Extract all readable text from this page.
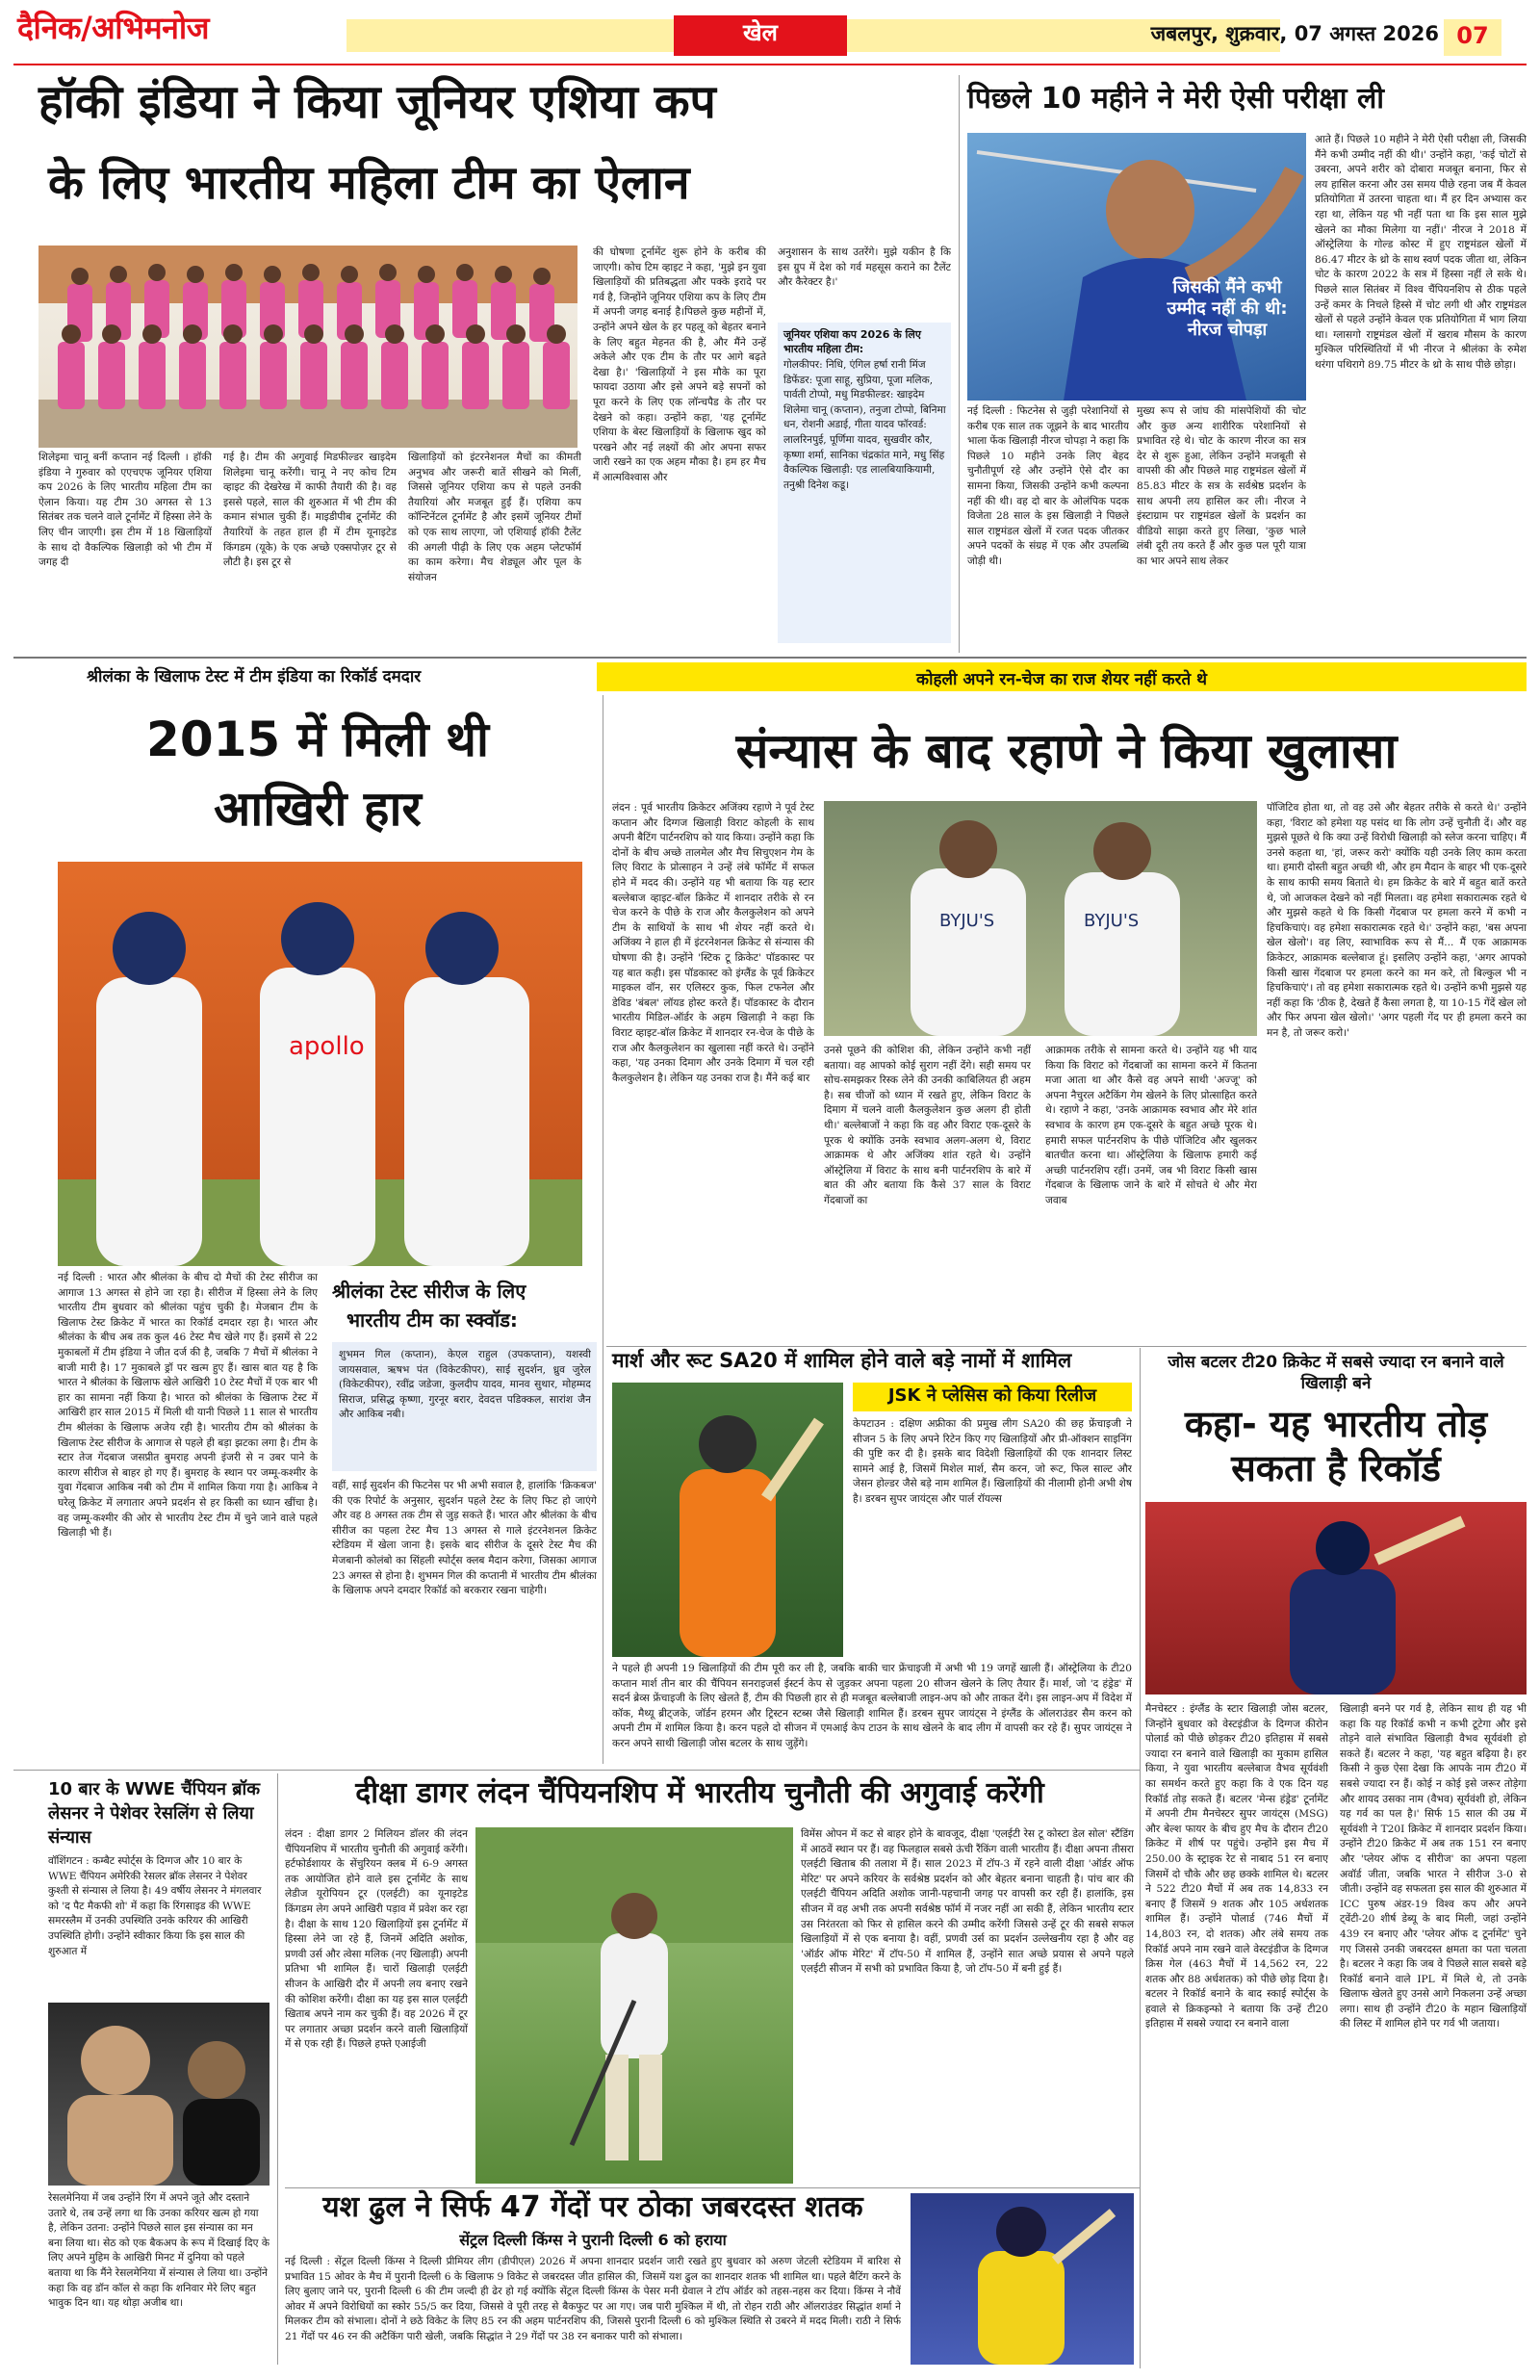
दैनिक/अभिमनोज	खेल	जबलपुर, शुक्रवार, 07 अगस्त 2026 07
हॉकी इंडिया ने किया जूनियर एशिया कप
के लिए भारतीय महिला टीम का ऐलान
शिलेइमा चानू बनीं कप्तान नई दिल्ली । हॉकी इंडिया ने गुरुवार को एएचएफ जूनियर एशिया कप 2026 के लिए भारतीय महिला टीम का ऐलान किया। यह टीम 30 अगस्त से 13 सितंबर तक चलने वाले टूर्नामेंट में हिस्सा लेने के लिए चीन जाएगी। इस टीम में 18 खिलाड़ियों के साथ दो वैकल्पिक खिलाड़ी को भी टीम में जगह दी
गई है। टीम की अगुवाई मिडफील्डर खाइदेम शिलेइमा चानू करेंगी। चानू ने नए कोच टिम व्हाइट की देखरेख में काफी तैयारी की है। वह इससे पहले, साल की शुरुआत में भी टीम की कमान संभाल चुकी हैं। माइडीपीब टूर्नामेंट की तैयारियों के तहत हाल ही में टीम यूनाइटेड किंगडम (यूके) के एक अच्छे एक्सपोज़र टूर से लौटी है। इस टूर से
खिलाड़ियों को इंटरनेशनल मैचों का कीमती अनुभव और जरूरी बातें सीखने को मिलीं, जिससे जूनियर एशिया कप से पहले उनकी तैयारियां और मजबूत हुईं हैं। एशिया कप कॉन्टिनेंटल टूर्नामेंट है और इसमें जूनियर टीमों को एक साथ लाएगा, जो एशियाई हॉकी टैलेंट की अगली पीढ़ी के लिए एक अहम प्लेटफॉर्म का काम करेगा। मैच शेड्यूल और पूल के संयोजन
की घोषणा टूर्नामेंट शुरू होने के करीब की जाएगी। कोच टिम व्हाइट ने कहा, 'मुझे इन युवा खिलाड़ियों की प्रतिबद्धता और पक्के इरादे पर गर्व है, जिन्होंने जूनियर एशिया कप के लिए टीम में अपनी जगह बनाई है।पिछले कुछ महीनों में, उन्होंने अपने खेल के हर पहलू को बेहतर बनाने के लिए बहुत मेहनत की है, और मैंने उन्हें अकेले और एक टीम के तौर पर आगे बढ़ते देखा है।' 'खिलाड़ियों ने इस मौके का पूरा फायदा उठाया और इसे अपने बड़े सपनों को पूरा करने के लिए एक लॉन्चपैड के तौर पर देखने को कहा। उन्होंने कहा, 'यह टूर्नामेंट एशिया के बेस्ट खिलाड़ियों के खिलाफ खुद को परखने और नई लक्ष्यों की ओर अपना सफर जारी रखने का एक अहम मौका है। हम हर मैच में आत्मविश्वास और
अनुशासन के साथ उतरेंगे। मुझे यकीन है कि इस ग्रुप में देश को गर्व महसूस कराने का टैलेंट और कैरेक्टर है।'
जूनियर एशिया कप 2026 के लिए भारतीय महिला टीम:
गोलकीपर: निधि, एंगिल हर्षा रानी मिंज डिफेंडर: पूजा साहू, सुप्रिया, पूजा मलिक, पार्वती टोप्पो, मधु मिडफील्डर: खाइदेम शिलेमा चानू (कप्तान), तनुजा टोप्पो, बिनिमा धन, रोशनी अडाई, गीता यादव फॉरवर्ड: लालरिनपुई, पूर्णिमा यादव, सुखवीर कौर, कृष्णा शर्मा, सानिका चंद्रकांत माने, मधु सिंह वैकल्पिक खिलाड़ी: एड लालबियाकियामी, तनुश्री दिनेश कडू।
पिछले 10 महीने ने मेरी ऐसी परीक्षा ली
जिसकी मैंने कभी उम्मीद नहीं की थी: नीरज चोपड़ा
नई दिल्ली : फिटनेस से जुड़ी परेशानियों से करीब एक साल तक जूझने के बाद भारतीय भाला फेंक खिलाड़ी नीरज चोपड़ा ने कहा कि पिछले 10 महीने उनके लिए बेहद चुनौतीपूर्ण रहे और उन्होंने ऐसे दौर का सामना किया, जिसकी उन्होंने कभी कल्पना नहीं की थी। वह दो बार के ओलंपिक पदक विजेता 28 साल के इस खिलाड़ी ने पिछले साल राष्ट्रमंडल खेलों में रजत पदक जीतकर अपने पदकों के संग्रह में एक और उपलब्धि जोड़ी थी।
मुख्य रूप से जांघ की मांसपेशियों की चोट और कुछ अन्य शारीरिक परेशानियों से प्रभावित रहे थे। चोट के कारण नीरज का सत्र देर से शुरू हुआ, लेकिन उन्होंने मजबूती से वापसी की और पिछले माह राष्ट्रमंडल खेलों में 85.83 मीटर के सत्र के सर्वश्रेष्ठ प्रदर्शन के साथ अपनी लय हासिल कर ली। नीरज ने इंस्टाग्राम पर राष्ट्रमंडल खेलों के प्रदर्शन का वीडियो साझा करते हुए लिखा, 'कुछ भाले लंबी दूरी तय करते हैं और कुछ पल पूरी यात्रा का भार अपने साथ लेकर
आते हैं। पिछले 10 महीने ने मेरी ऐसी परीक्षा ली, जिसकी मैंने कभी उम्मीद नहीं की थी।' उन्होंने कहा, 'कई चोटों से उबरना, अपने शरीर को दोबारा मजबूत बनाना, फिर से लय हासिल करना और उस समय पीछे रहना जब मैं केवल प्रतियोगिता में उतरना चाहता था। मैं हर दिन अभ्यास कर रहा था, लेकिन यह भी नहीं पता था कि इस साल मुझे खेलने का मौका मिलेगा या नहीं।' नीरज ने 2018 में ऑस्ट्रेलिया के गोल्ड कोस्ट में हुए राष्ट्रमंडल खेलों में 86.47 मीटर के थ्रो के साथ स्वर्ण पदक जीता था, लेकिन चोट के कारण 2022 के सत्र में हिस्सा नहीं ले सके थे। पिछले साल सितंबर में विश्व चैंपियनशिप से ठीक पहले उन्हें कमर के निचले हिस्से में चोट लगी थी और राष्ट्रमंडल खेलों से पहले उन्होंने केवल एक प्रतियोगिता में भाग लिया था। ग्लासगो राष्ट्रमंडल खेलों में खराब मौसम के कारण मुश्किल परिस्थितियों में भी नीरज ने श्रीलंका के रुमेश थरंगा पथिरागे 89.75 मीटर के थ्रो के साथ पीछे छोड़ा।
श्रीलंका के खिलाफ टेस्ट में टीम इंडिया का रिकॉर्ड दमदार	कोहली अपने रन-चेज का राज शेयर नहीं करते थे
2015 में मिली थी
आखिरी हार
apollo
नई दिल्ली : भारत और श्रीलंका के बीच दो मैचों की टेस्ट सीरीज का आगाज 13 अगस्त से होने जा रहा है। सीरीज में हिस्सा लेने के लिए भारतीय टीम बुधवार को श्रीलंका पहुंच चुकी है। मेजबान टीम के खिलाफ टेस्ट क्रिकेट में भारत का रिकॉर्ड दमदार रहा है। भारत और श्रीलंका के बीच अब तक कुल 46 टेस्ट मैच खेले गए हैं। इसमें से 22 मुकाबलों में टीम इंडिया ने जीत दर्ज की है, जबकि 7 मैचों में श्रीलंका ने बाजी मारी है। 17 मुकाबले ड्रॉ पर खत्म हुए हैं। खास बात यह है कि भारत ने श्रीलंका के खिलाफ खेले आखिरी 10 टेस्ट मैचों में एक बार भी हार का सामना नहीं किया है। भारत को श्रीलंका के खिलाफ टेस्ट में आखिरी हार साल 2015 में मिली थी यानी पिछले 11 साल से भारतीय टीम श्रीलंका के खिलाफ अजेय रही है। भारतीय टीम को श्रीलंका के खिलाफ टेस्ट सीरीज के आगाज से पहले ही बड़ा झटका लगा है। टीम के स्टार तेज गेंदबाज जसप्रीत बुमराह अपनी इंजरी से न उबर पाने के कारण सीरीज से बाहर हो गए हैं। बुमराह के स्थान पर जम्मू-कश्मीर के युवा गेंदबाज आकिब नबी को टीम में शामिल किया गया है। आकिब ने घरेलू क्रिकेट में लगातार अपने प्रदर्शन से हर किसी का ध्यान खींचा है। वह जम्मू-कश्मीर की ओर से भारतीय टेस्ट टीम में चुने जाने वाले पहले खिलाड़ी भी हैं।
श्रीलंका टेस्ट सीरीज के लिए
भारतीय टीम का स्क्वॉड:
शुभमन गिल (कप्तान), केएल राहुल (उपकप्तान), यशस्वी जायसवाल, ऋषभ पंत (विकेटकीपर), साई सुदर्शन, ध्रुव जुरेल (विकेटकीपर), रवींद्र जडेजा, कुलदीप यादव, मानव सुथार, मोहम्मद सिराज, प्रसिद्ध कृष्णा, गुरनूर बरार, देवदत्त पडिक्कल, सारांश जैन और आकिब नबी।
वहीं, साई सुदर्शन की फिटनेस पर भी अभी सवाल है, हालांकि 'क्रिकबज' की एक रिपोर्ट के अनुसार, सुदर्शन पहले टेस्ट के लिए फिट हो जाएंगे और वह 8 अगस्त तक टीम से जुड़ सकते हैं। भारत और श्रीलंका के बीच सीरीज का पहला टेस्ट मैच 13 अगस्त से गाले इंटरनेशनल क्रिकेट स्टेडियम में खेला जाना है। इसके बाद सीरीज के दूसरे टेस्ट मैच की मेजबानी कोलंबो का सिंहली स्पोर्ट्स क्लब मैदान करेगा, जिसका आगाज 23 अगस्त से होना है। शुभमन गिल की कप्तानी में भारतीय टीम श्रीलंका के खिलाफ अपने दमदार रिकॉर्ड को बरकरार रखना चाहेगी।
संन्यास के बाद रहाणे ने किया खुलासा
लंदन : पूर्व भारतीय क्रिकेटर अजिंक्य रहाणे ने पूर्व टेस्ट कप्तान और दिग्गज खिलाड़ी विराट कोहली के साथ अपनी बैटिंग पार्टनरशिप को याद किया। उन्होंने कहा कि दोनों के बीच अच्छे तालमेल और मैच सिचुएशन गेम के लिए विराट के प्रोत्साहन ने उन्हें लंबे फॉर्मेट में सफल होने में मदद की। उन्होंने यह भी बताया कि यह स्टार बल्लेबाज व्हाइट-बॉल क्रिकेट में शानदार तरीके से रन चेज करने के पीछे के राज और कैलकुलेशन को अपने टीम के साथियों के साथ भी शेयर नहीं करते थे। अजिंक्य ने हाल ही में इंटरनेशनल क्रिकेट से संन्यास की घोषणा की है। उन्होंने 'स्टिक टू क्रिकेट' पॉडकास्ट पर यह बात कही। इस पॉडकास्ट को इंग्लैंड के पूर्व क्रिकेटर माइकल वॉन, सर एलिस्टर कुक, फिल टफनेल और डेविड 'बंबल' लॉयड होस्ट करते हैं। पॉडकास्ट के दौरान भारतीय मिडिल-ऑर्डर के अहम खिलाड़ी ने कहा कि विराट व्हाइट-बॉल क्रिकेट में शानदार रन-चेज के पीछे के राज और कैलकुलेशन का खुलासा नहीं करते थे। उन्होंने कहा, 'यह उनका दिमाग और उनके दिमाग में चल रही कैलकुलेशन है। लेकिन यह उनका राज है। मैंने कई बार
BYJU'S	BYJU'S
उनसे पूछने की कोशिश की, लेकिन उन्होंने कभी नहीं बताया। वह आपको कोई सुराग नहीं देंगे। सही समय पर सोच-समझकर रिस्क लेने की उनकी काबिलियत ही अहम है। सब चीजों को ध्यान में रखते हुए, लेकिन विराट के दिमाग में चलने वाली कैलकुलेशन कुछ अलग ही होती थी।' बल्लेबाजों ने कहा कि वह और विराट एक-दूसरे के पूरक थे क्योंकि उनके स्वभाव अलग-अलग थे, विराट आक्रामक थे और अजिंक्य शांत रहते थे। उन्होंने ऑस्ट्रेलिया में विराट के साथ बनी पार्टनरशिप के बारे में बात की और बताया कि कैसे 37 साल के विराट गेंदबाजों का
आक्रामक तरीके से सामना करते थे। उन्होंने यह भी याद किया कि विराट को गेंदबाजों का सामना करने में कितना मजा आता था और कैसे वह अपने साथी 'अज्जू' को अपना नैचुरल अटैकिंग गेम खेलने के लिए प्रोत्साहित करते थे। रहाणे ने कहा, 'उनके आक्रामक स्वभाव और मेरे शांत स्वभाव के कारण हम एक-दूसरे के बहुत अच्छे पूरक थे। हमारी सफल पार्टनरशिप के पीछे पॉजिटिव और खुलकर बातचीत करना था। ऑस्ट्रेलिया के खिलाफ हमारी कई अच्छी पार्टनरशिप रहीं। उनमें, जब भी विराट किसी खास गेंदबाज के खिलाफ जाने के बारे में सोचते थे और मेरा जवाब
पॉजिटिव होता था, तो वह उसे और बेहतर तरीके से करते थे।' उन्होंने कहा, 'विराट को हमेशा यह पसंद था कि लोग उन्हें चुनौती दें। और वह मुझसे पूछते थे कि क्या उन्हें विरोधी खिलाड़ी को स्लेज करना चाहिए। मैं उनसे कहता था, 'हां, जरूर करो' क्योंकि यही उनके लिए काम करता था। हमारी दोस्ती बहुत अच्छी थी, और हम मैदान के बाहर भी एक-दूसरे के साथ काफी समय बिताते थे। हम क्रिकेट के बारे में बहुत बातें करते थे, जो आजकल देखने को नहीं मिलता। वह हमेशा सकारात्मक रहते थे और मुझसे कहते थे कि किसी गेंदबाज पर हमला करने में कभी न हिचकिचाएं। वह हमेशा सकारात्मक रहते थे।' उन्होंने कहा, 'बस अपना खेल खेलो'। वह लिए, स्वाभाविक रूप से मैं... मैं एक आक्रामक क्रिकेटर, आक्रामक बल्लेबाज हूं। इसलिए उन्होंने कहा, 'अगर आपको किसी खास गेंदबाज पर हमला करने का मन करे, तो बिल्कुल भी न हिचकिचाएं'। तो वह हमेशा सकारात्मक रहते थे। उन्होंने कभी मुझसे यह नहीं कहा कि 'ठीक है, देखते हैं कैसा लगता है, या 10-15 गेंदें खेल लो और फिर अपना खेल खेलो।' 'अगर पहली गेंद पर ही हमला करने का मन है, तो जरूर करो।'
मार्श और रूट SA20 में शामिल होने वाले बड़े नामों में शामिल
JSK ने प्लेसिस को किया रिलीज
केपटाउन : दक्षिण अफ्रीका की प्रमुख लीग SA20 की छह फ्रेंचाइजी ने सीजन 5 के लिए अपने रिटेन किए गए खिलाड़ियों और प्री-ऑक्शन साइनिंग की पुष्टि कर दी है। इसके बाद विदेशी खिलाड़ियों की एक शानदार लिस्ट सामने आई है, जिसमें मिशेल मार्श, सैम करन, जो रूट, फिल साल्ट और जेसन होल्डर जैसे बड़े नाम शामिल हैं। खिलाड़ियों की नीलामी होनी अभी शेष है। डरबन सुपर जायंट्स और पार्ल रॉयल्स
ने पहले ही अपनी 19 खिलाड़ियों की टीम पूरी कर ली है, जबकि बाकी चार फ्रेंचाइजी में अभी भी 19 जगहें खाली हैं। ऑस्ट्रेलिया के टी20 कप्तान मार्श तीन बार की चैंपियन सनराइजर्स ईस्टर्न केप से जुड़कर अपना पहला 20 सीजन खेलने के लिए तैयार हैं। मार्श, जो 'द हंड्रेड' में सदर्न ब्रेव्स फ्रेंचाइजी के लिए खेलते हैं, टीम की पिछली हार से ही मजबूत बल्लेबाजी लाइन-अप को और ताकत देंगे। इस लाइन-अप में विदेश में कॉक, मैथ्यू ब्रीट्जके, जॉर्डन हरमन और ट्रिस्टन स्टब्स जैसे खिलाड़ी शामिल हैं। डरबन सुपर जायंट्स ने इंग्लैंड के ऑलराउंडर सैम करन को अपनी टीम में शामिल किया है। करन पहले दो सीजन में एमआई केप टाउन के साथ खेलने के बाद लीग में वापसी कर रहे हैं। सुपर जायंट्स ने करन अपने साथी खिलाड़ी जोस बटलर के साथ जुड़ेंगे।
जोस बटलर टी20 क्रिकेट में सबसे ज्यादा रन बनाने वाले खिलाड़ी बने
कहा- यह भारतीय तोड़ सकता है रिकॉर्ड
मैनचेस्टर : इंग्लैंड के स्टार खिलाड़ी जोस बटलर, जिन्होंने बुधवार को वेस्टइंडीज के दिग्गज कीरोन पोलार्ड को पीछे छोड़कर टी20 इतिहास में सबसे ज्यादा रन बनाने वाले खिलाड़ी का मुकाम हासिल किया, ने युवा भारतीय बल्लेबाज वैभव सूर्यवंशी का समर्थन करते हुए कहा कि वे एक दिन यह रिकॉर्ड तोड़ सकते हैं। बटलर 'मेन्स हंड्रेड' टूर्नामेंट में अपनी टीम मैनचेस्टर सुपर जायंट्स (MSG) और बेल्श फायर के बीच हुए मैच के दौरान टी20 क्रिकेट में शीर्ष पर पहुंचे। उन्होंने इस मैच में 250.00 के स्ट्राइक रेट से नाबाद 51 रन बनाए जिसमें दो चौके और छह छक्के शामिल थे। बटलर ने 522 टी20 मैचों में अब तक 14,833 रन बनाए हैं जिसमें 9 शतक और 105 अर्धशतक शामिल हैं। उन्होंने पोलार्ड (746 मैचों में 14,803 रन, दो शतक) और लंबे समय तक रिकॉर्ड अपने नाम रखने वाले वेस्टइंडीज के दिग्गज क्रिस गेल (463 मैचों में 14,562 रन, 22 शतक और 88 अर्धशतक) को पीछे छोड़ दिया है। बटलर ने रिकॉर्ड बनाने के बाद स्काई स्पोर्ट्स के हवाले से क्रिकइन्फो ने बताया कि उन्हें टी20 इतिहास में सबसे ज्यादा रन बनाने वाला
खिलाड़ी बनने पर गर्व है, लेकिन साथ ही यह भी कहा कि यह रिकॉर्ड कभी न कभी टूटेगा और इसे तोड़ने वाले संभावित खिलाड़ी वैभव सूर्यवंशी हो सकते हैं। बटलर ने कहा, 'यह बहुत बढ़िया है। हर किसी ने कुछ ऐसा देखा कि आपके नाम टी20 में सबसे ज्यादा रन हैं। कोई न कोई इसे जरूर तोड़ेगा और शायद उसका नाम (वैभव) सूर्यवंशी हो, लेकिन यह गर्व का पल है।' सिर्फ 15 साल की उम्र में सूर्यवंशी ने T20I क्रिकेट में शानदार प्रदर्शन किया। उन्होंने टी20 क्रिकेट में अब तक 151 रन बनाए और 'प्लेयर ऑफ द सीरीज' का अपना पहला अवॉर्ड जीता, जबकि भारत ने सीरीज 3-0 से जीती। उन्होंने वह सफलता इस साल की शुरुआत में ICC पुरुष अंडर-19 विश्व कप और अपने ट्वेंटी-20 शीर्ष डेब्यू के बाद मिली, जहां उन्होंने 439 रन बनाए और 'प्लेयर ऑफ द टूर्नामेंट' चुने गए जिससे उनकी जबरदस्त क्षमता का पता चलता है। बटलर ने कहा कि जब वे पिछले साल सबसे बड़े रिकॉर्ड बनाने वाले IPL में मिले थे, तो उनके खिलाफ खेलते हुए उनसे आगे निकलना उन्हें अच्छा लगा। साथ ही उन्होंने टी20 के महान खिलाड़ियों की लिस्ट में शामिल होने पर गर्व भी जताया।
10 बार के WWE चैंपियन ब्रॉक लेसनर ने पेशेवर रेसलिंग से लिया संन्यास
वॉशिंगटन : कम्बैट स्पोर्ट्स के दिग्गज और 10 बार के WWE चैंपियन अमेरिकी रेसलर ब्रॉक लेसनर ने पेशेवर कुश्ती से संन्यास ले लिया है। 49 वर्षीय लेसनर ने मंगलवार को 'द पैट मैकफी शो' में कहा कि रिंगसाइड की WWE समरस्लैम में उनकी उपस्थिति उनके करियर की आखिरी उपस्थिति होगी। उन्होंने स्वीकार किया कि इस साल की शुरुआत में
रेसलमेनिया में जब उन्होंने रिंग में अपने जूते और दस्ताने उतारे थे, तब उन्हें लगा था कि उनका करियर खत्म हो गया है, लेकिन उतना: उन्होंने पिछले साल इस संन्यास का मन बना लिया था। सेठ को एक बैकअप के रूप में दिखाई दिए के लिए अपने मुहिम के आखिरी मिनट में दुनिया को पहले बताया था कि मैंने रेसलमेनिया में संन्यास ले लिया था। उन्होंने कहा कि वह डॉन कॉल से कहा कि शनिवार मेरे लिए बहुत भावुक दिन था। यह थोड़ा अजीब था।
दीक्षा डागर लंदन चैंपियनशिप में भारतीय चुनौती की अगुवाई करेंगी
लंदन : दीक्षा डागर 2 मिलियन डॉलर की लंदन चैंपियनशिप में भारतीय चुनौती की अगुवाई करेंगी। हर्टफोर्डशायर के सेंचुरियन क्लब में 6-9 अगस्त तक आयोजित होने वाले इस टूर्नामेंट के साथ लेडीज यूरोपियन टूर (एलईटी) का यूनाइटेड किंगडम लेग अपने आखिरी पड़ाव में प्रवेश कर रहा है। दीक्षा के साथ 120 खिलाड़ियों इस टूर्नामेंट में हिस्सा लेने जा रहे हैं, जिनमें अदिति अशोक, प्रणवी उर्स और त्वेसा मलिक (नए खिलाड़ी) अपनी प्रतिभा भी शामिल हैं। चारों खिलाड़ी एलईटी सीजन के आखिरी दौर में अपनी लय बनाए रखने की कोशिश करेंगी। दीक्षा का यह इस साल एलईटी खिताब अपने नाम कर चुकी हैं। वह 2026 में टूर पर लगातार अच्छा प्रदर्शन करने वाली खिलाड़ियों में से एक रही हैं। पिछले हफ्ते एआईजी
विमेंस ओपन में कट से बाहर होने के बावजूद, दीक्षा 'एलईटी रेस टू कोस्टा डेल सोल' स्टैंडिंग में आठवें स्थान पर हैं। वह फिलहाल सबसे ऊंची रैंकिंग वाली भारतीय हैं। दीक्षा अपना तीसरा एलईटी खिताब की तलाश में हैं। साल 2023 में टॉप-3 में रहने वाली दीक्षा 'ऑर्डर ऑफ मेरिट' पर अपने करियर के सर्वश्रेष्ठ प्रदर्शन को और बेहतर बनाना चाहती है। पांच बार की एलईटी चैंपियन अदिति अशोक जानी-पहचानी जगह पर वापसी कर रही हैं। हालांकि, इस सीजन में वह अभी तक अपनी सर्वश्रेष्ठ फॉर्म में नजर नहीं आ सकी हैं, लेकिन भारतीय स्टार उस निरंतरता को फिर से हासिल करने की उम्मीद करेंगी जिससे उन्हें टूर की सबसे सफल खिलाड़ियों में से एक बनाया है। वहीं, प्रणवी उर्स का प्रदर्शन उल्लेखनीय रहा है और वह 'ऑर्डर ऑफ मेरिट' में टॉप-50 में शामिल हैं, उन्होंने सात अच्छे प्रयास से अपने पहले एलईटी सीजन में सभी को प्रभावित किया है, जो टॉप-50 में बनी हुई हैं।
यश ढुल ने सिर्फ 47 गेंदों पर ठोका जबरदस्त शतक
सेंट्रल दिल्ली किंग्स ने पुरानी दिल्ली 6 को हराया
नई दिल्ली : सेंट्रल दिल्ली किंग्स ने दिल्ली प्रीमियर लीग (डीपीएल) 2026 में अपना शानदार प्रदर्शन जारी रखते हुए बुधवार को अरुण जेटली स्टेडियम में बारिश से प्रभावित 15 ओवर के मैच में पुरानी दिल्ली 6 के खिलाफ 9 विकेट से जबरदस्त जीत हासिल की, जिसमें यश ढुल का शानदार शतक भी शामिल था। पहले बैटिंग करने के लिए बुलाए जाने पर, पुरानी दिल्ली 6 की टीम जल्दी ही ढेर हो गई क्योंकि सेंट्रल दिल्ली किंग्स के पेसर मनी ग्रेवाल ने टॉप ऑर्डर को तहस-नहस कर दिया। किंग्स ने नौवें ओवर में अपने विरोधियों का स्कोर 55/5 कर दिया, जिससे वे पूरी तरह से बैकफुट पर आ गए। जब पारी मुश्किल में थी, तो रोहन राठी और ऑलराउंडर सिद्धांत शर्मा ने मिलकर टीम को संभाला। दोनों ने छठे विकेट के लिए 85 रन की अहम पार्टनरशिप की, जिससे पुरानी दिल्ली 6 को मुश्किल स्थिति से उबरने में मदद मिली। राठी ने सिर्फ 21 गेंदों पर 46 रन की अटैकिंग पारी खेली, जबकि सिद्धांत ने 29 गेंदों पर 38 रन बनाकर पारी को संभाला।
